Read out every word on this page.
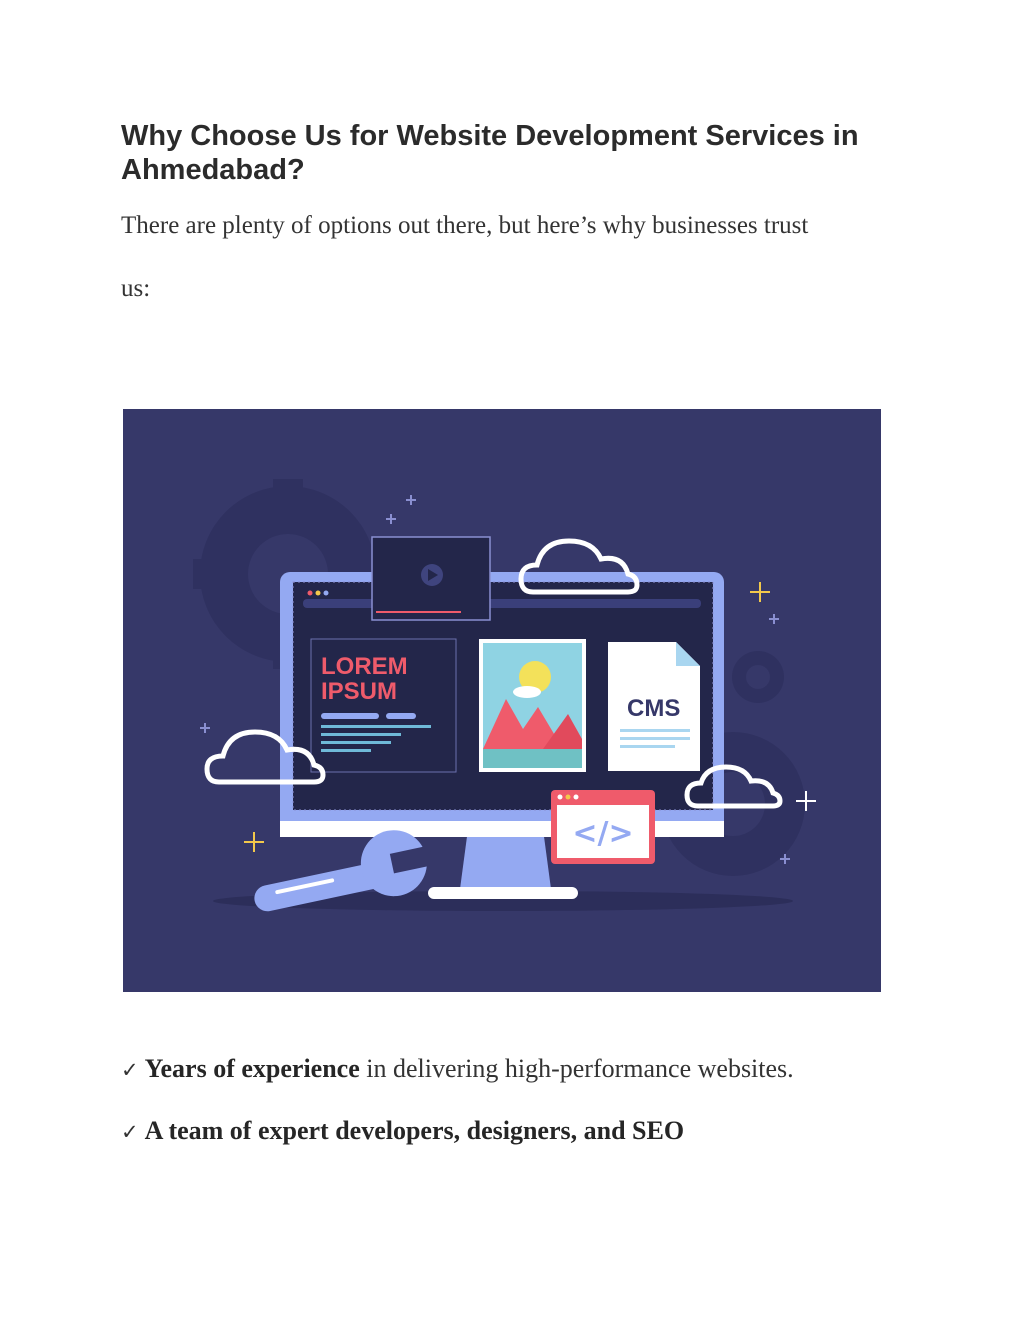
Why Choose Us for Website Development Services in Ahmedabad?

There are plenty of options out there, but here’s why businesses trust

us:

LOREM
IPSUM
CMS
</>

✓ Years of experience in delivering high-performance websites.

✓ A team of expert developers, designers, and SEO
